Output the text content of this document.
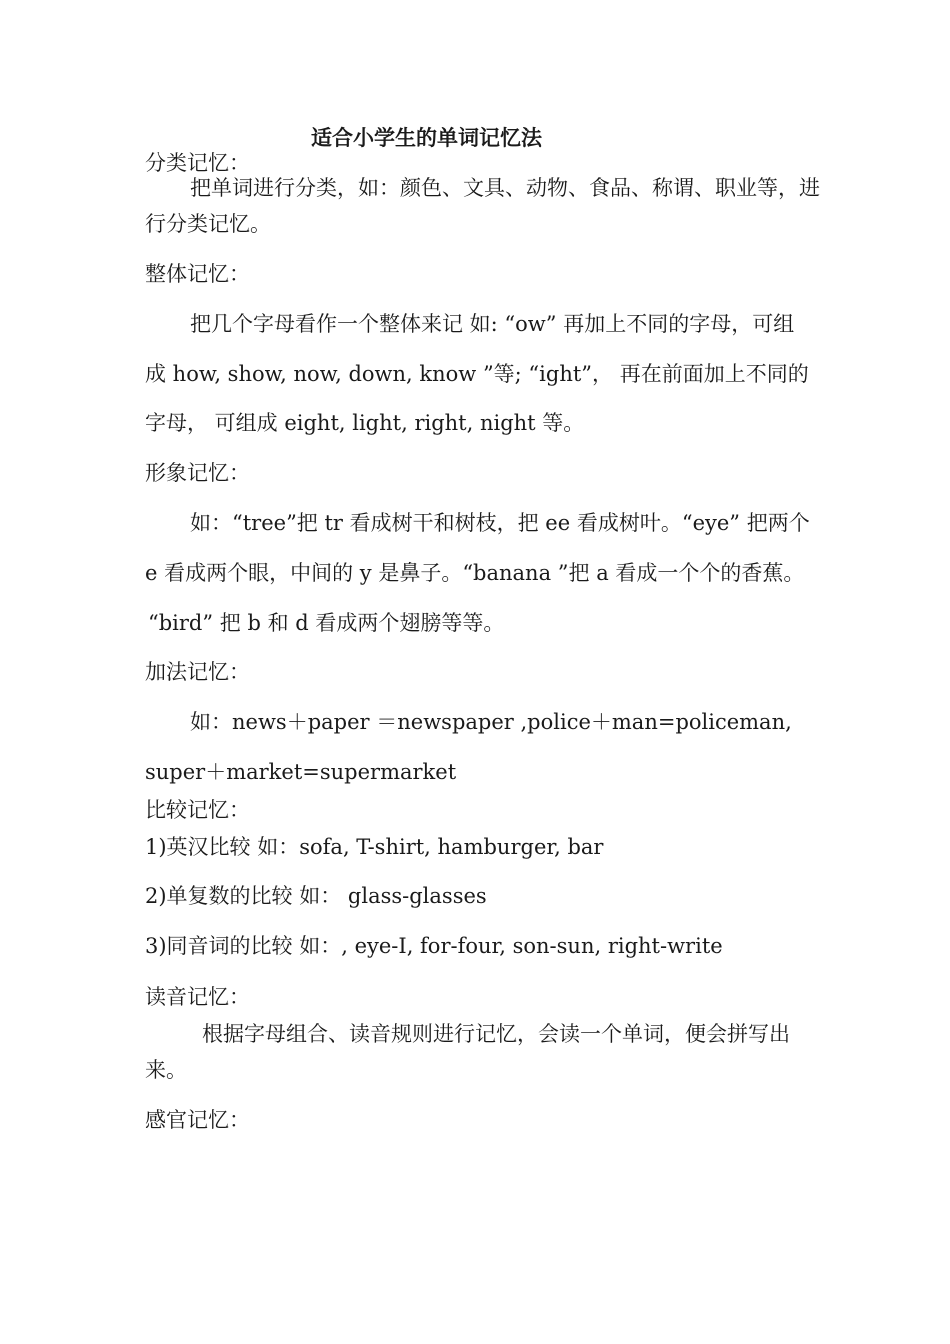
适合小学生的单词记忆法
分类记忆：
把单词进行分类，如：颜色、文具、动物、食品、称谓、职业等，进
行分类记忆。
整体记忆：
把几个字母看作一个整体来记 如: “ow” 再加上不同的字母，可组
成 how, show, now, down, know ”等; “ight”， 再在前面加上不同的
字母， 可组成 eight, light, right, night 等。
形象记忆：
如：“tree”把 tr 看成树干和树枝，把 ee 看成树叶。“eye” 把两个
e 看成两个眼，中间的 y 是鼻子。“banana ”把 a 看成一个个的香蕉。
“bird” 把 b 和 d 看成两个翅膀等等。
加法记忆：
如：news＋paper ＝newspaper ,police＋man=policeman,
super＋market=supermarket
比较记忆：
1)英汉比较 如：sofa, T-shirt, hamburger, bar
2)单复数的比较 如： glass-glasses
3)同音词的比较 如：, eye-I, for-four, son-sun, right-write
读音记忆：
根据字母组合、读音规则进行记忆，会读一个单词，便会拼写出
来。
感官记忆：
